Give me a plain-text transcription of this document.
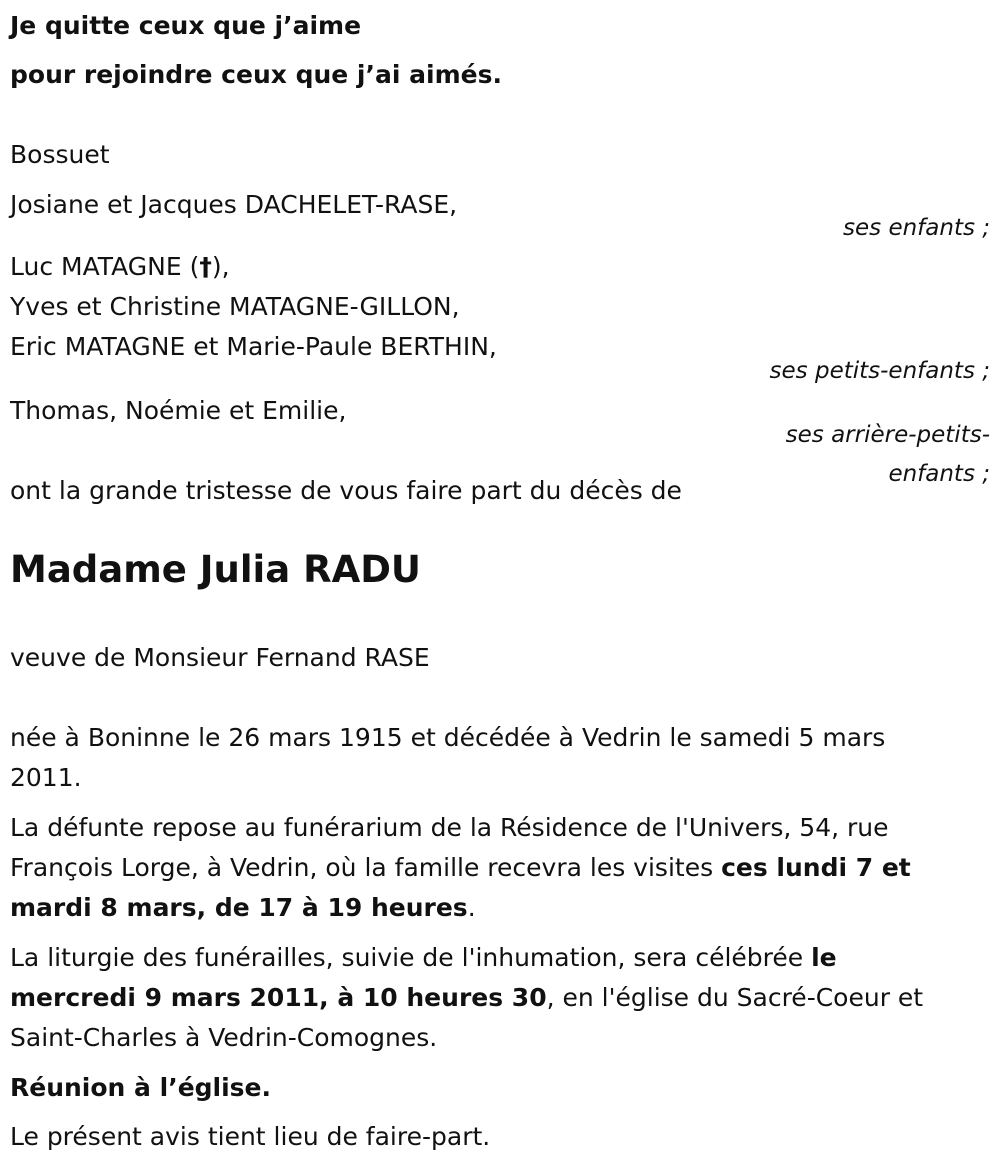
Je quitte ceux que j’aime
pour rejoindre ceux que j’ai aimés.
Bossuet
Josiane et Jacques DACHELET-RASE,
ses enfants ;
Luc MATAGNE (†),
Yves et Christine MATAGNE-GILLON,
Eric MATAGNE et Marie-Paule BERTHIN,
ses petits-enfants ;
Thomas, Noémie et Emilie,
ses arrière-petits-
enfants ;
ont la grande tristesse de vous faire part du décès de
Madame Julia RADU
veuve de Monsieur Fernand RASE
née à Boninne le 26 mars 1915 et décédée à Vedrin le samedi 5 mars 2011.
La défunte repose au funérarium de la Résidence de l'Univers, 54, rue François Lorge, à Vedrin, où la famille recevra les visites ces lundi 7 et mardi 8 mars, de 17 à 19 heures.
La liturgie des funérailles, suivie de l'inhumation, sera célébrée le mercredi 9 mars 2011, à 10 heures 30, en l'église du Sacré-Coeur et Saint-Charles à Vedrin-Comognes.
Réunion à l’église.
Le présent avis tient lieu de faire-part.
